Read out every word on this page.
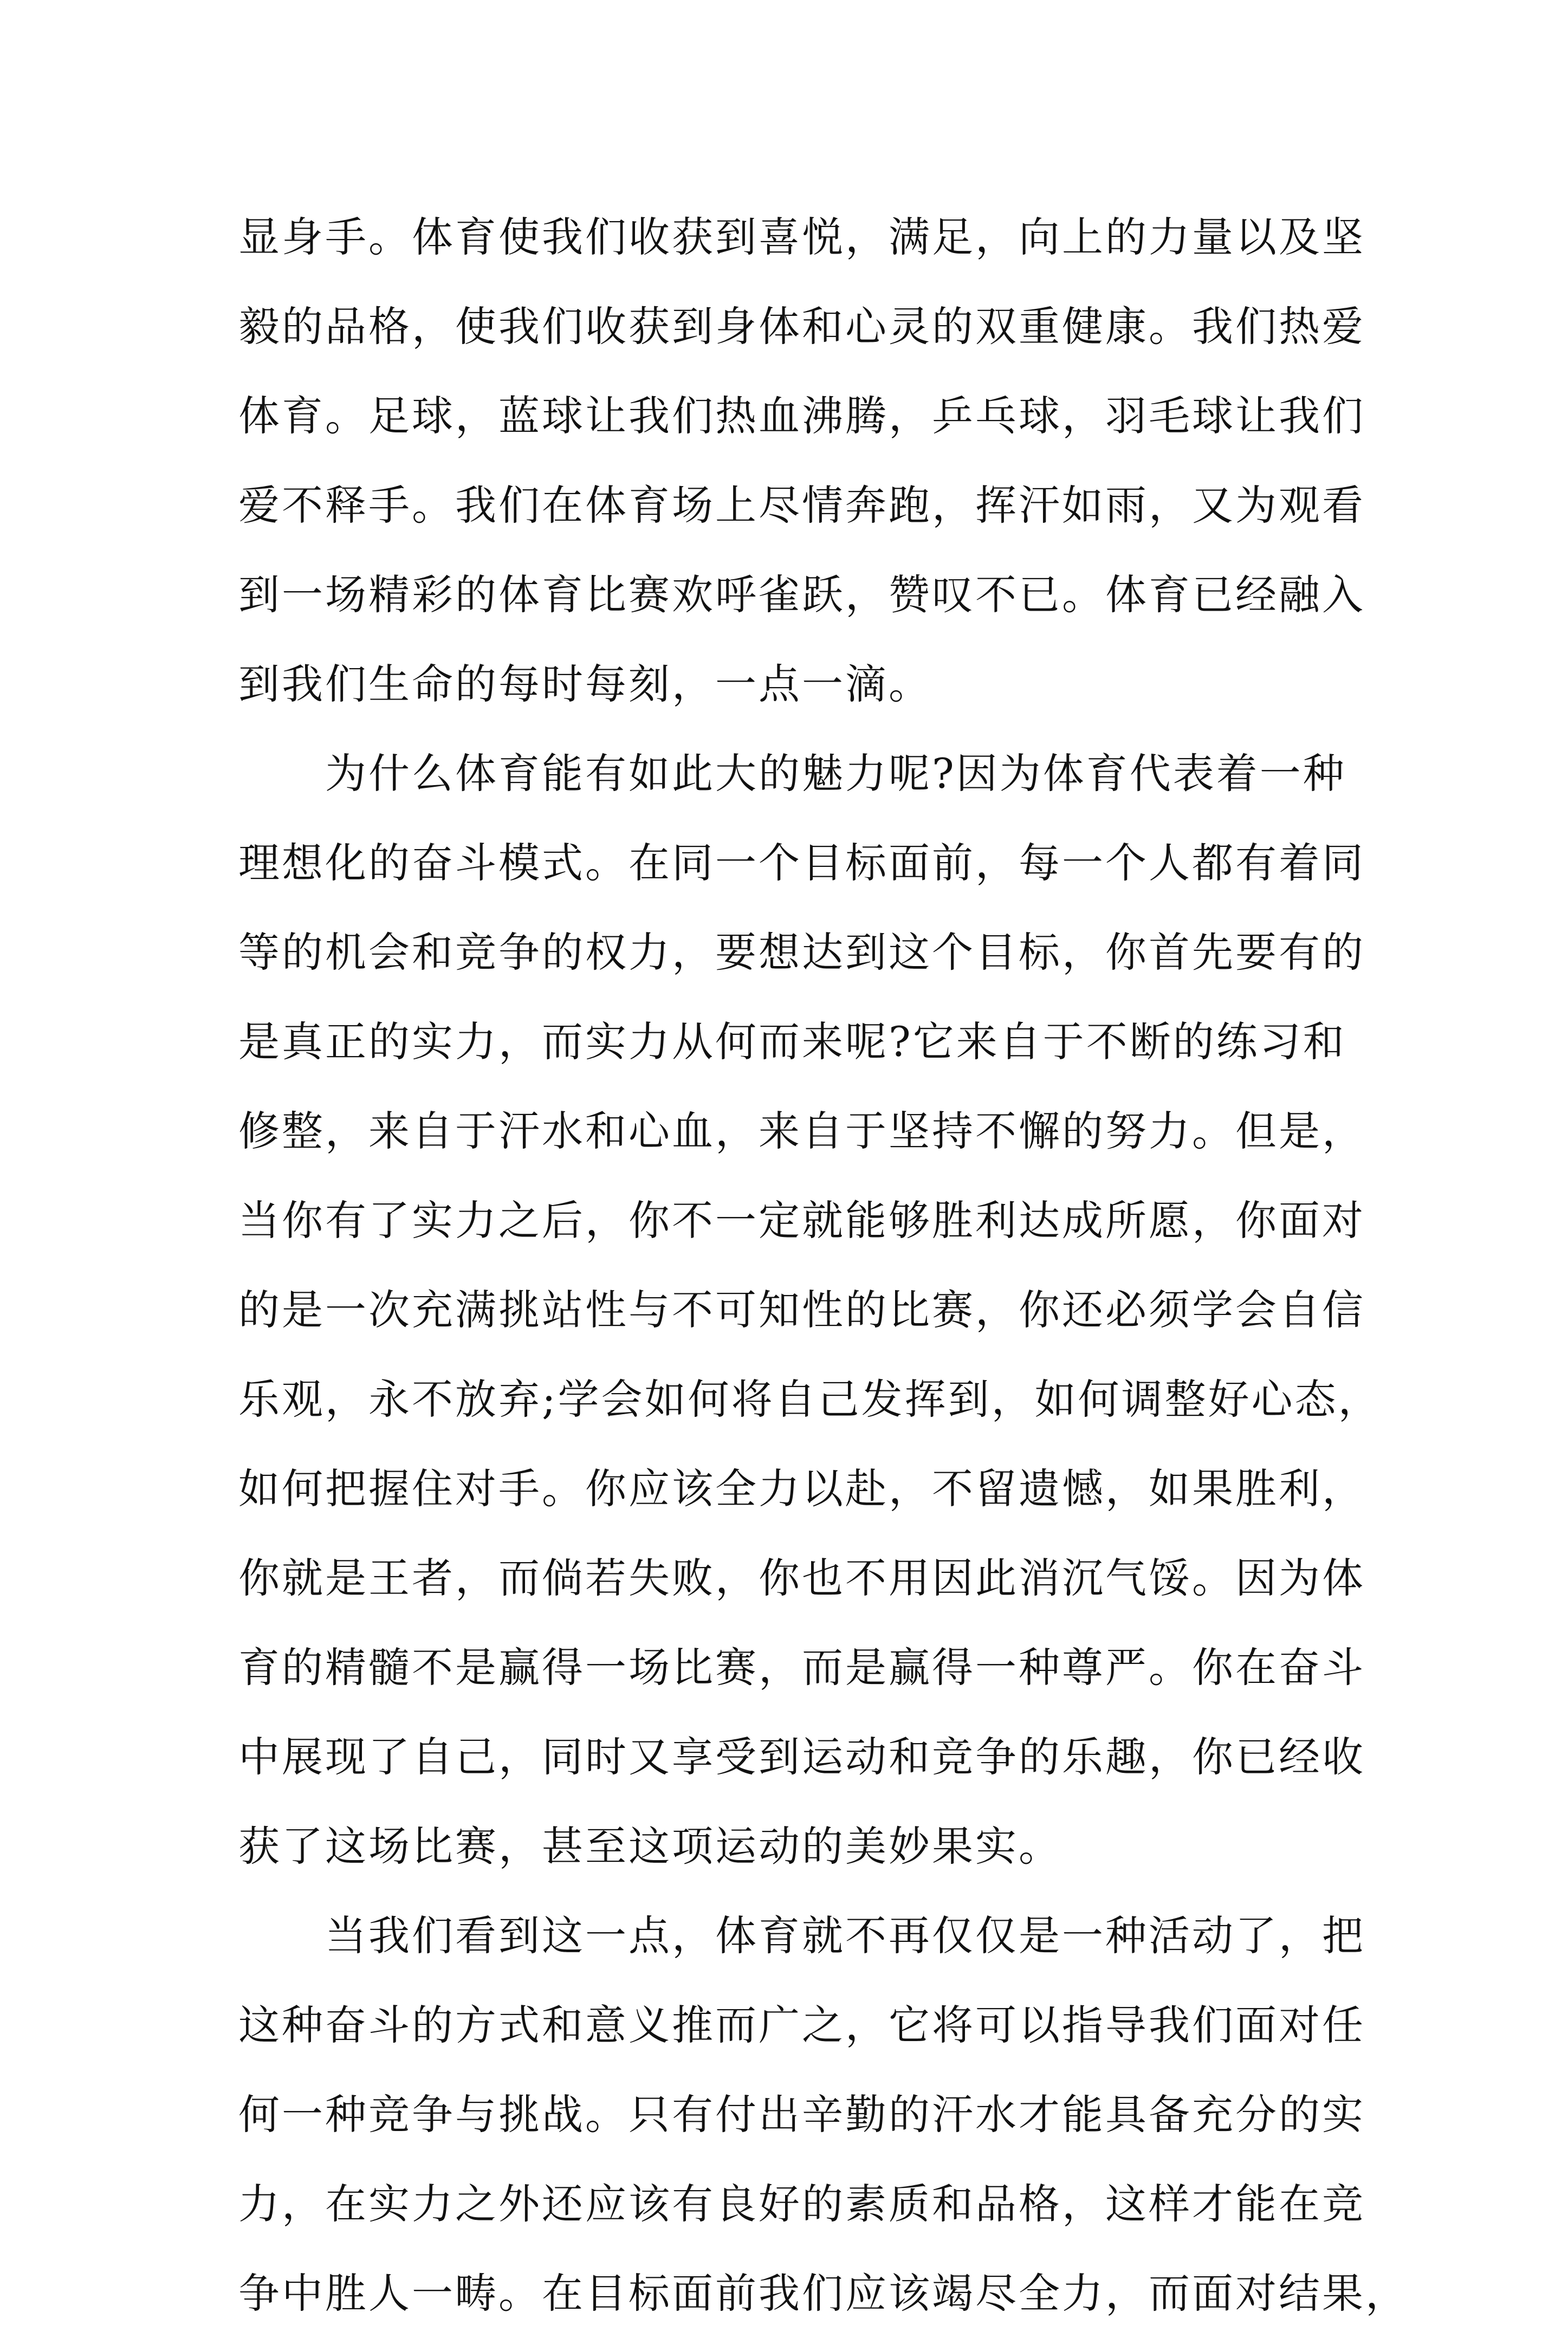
显身手。体育使我们收获到喜悦，满足，向上的力量以及坚
毅的品格，使我们收获到身体和心灵的双重健康。我们热爱
体育。足球，蓝球让我们热血沸腾，乒乓球，羽毛球让我们
爱不释手。我们在体育场上尽情奔跑，挥汗如雨，又为观看
到一场精彩的体育比赛欢呼雀跃，赞叹不已。体育已经融入
到我们生命的每时每刻，一点一滴。
为什么体育能有如此大的魅力呢?因为体育代表着一种
理想化的奋斗模式。在同一个目标面前，每一个人都有着同
等的机会和竞争的权力，要想达到这个目标，你首先要有的
是真正的实力，而实力从何而来呢?它来自于不断的练习和
修整，来自于汗水和心血，来自于坚持不懈的努力。但是，
当你有了实力之后，你不一定就能够胜利达成所愿，你面对
的是一次充满挑站性与不可知性的比赛，你还必须学会自信
乐观，永不放弃;学会如何将自己发挥到，如何调整好心态，
如何把握住对手。你应该全力以赴，不留遗憾，如果胜利，
你就是王者，而倘若失败，你也不用因此消沉气馁。因为体
育的精髓不是赢得一场比赛，而是赢得一种尊严。你在奋斗
中展现了自己，同时又享受到运动和竞争的乐趣，你已经收
获了这场比赛，甚至这项运动的美妙果实。
当我们看到这一点，体育就不再仅仅是一种活动了，把
这种奋斗的方式和意义推而广之，它将可以指导我们面对任
何一种竞争与挑战。只有付出辛勤的汗水才能具备充分的实
力，在实力之外还应该有良好的素质和品格，这样才能在竞
争中胜人一畴。在目标面前我们应该竭尽全力，而面对结果，
